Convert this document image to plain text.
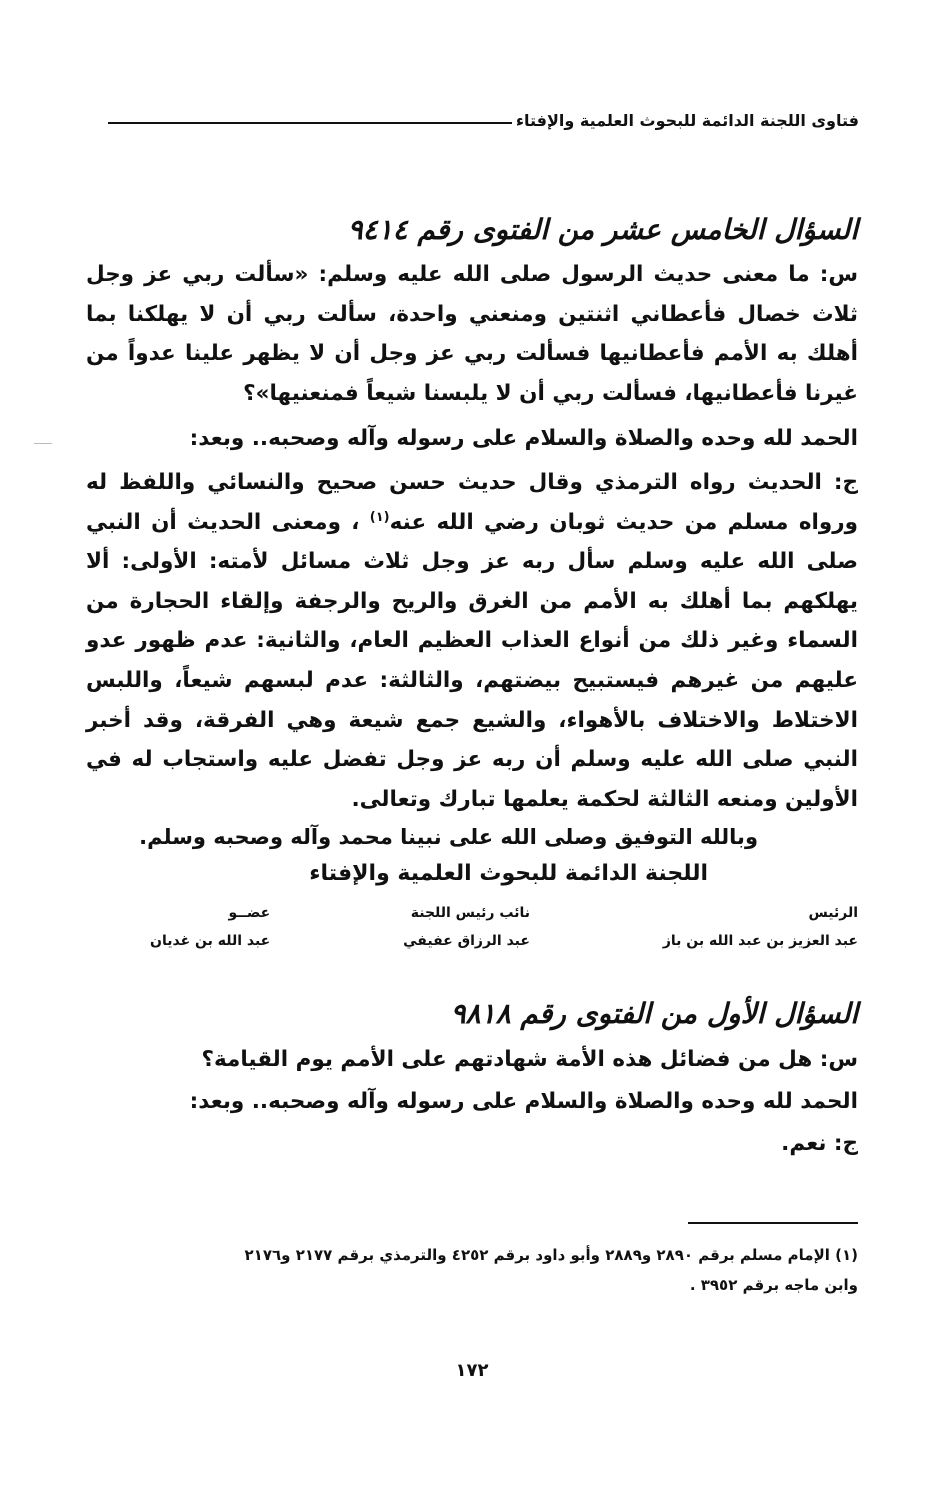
فتاوى اللجنة الدائمة للبحوث العلمية والإفتاء
السؤال الخامس عشر من الفتوى رقم ٩٤١٤

س: ما معنى حديث الرسول صلى الله عليه وسلم: «سألت ربي عز وجل ثلاث خصال فأعطاني اثنتين ومنعني واحدة، سألت ربي أن لا يهلكنا بما أهلك به الأمم فأعطانيها فسألت ربي عز وجل أن لا يظهر علينا عدواً من غيرنا فأعطانيها، فسألت ربي أن لا يلبسنا شيعاً فمنعنيها»؟

الحمد لله وحده والصلاة والسلام على رسوله وآله وصحبه.. وبعد:

ج: الحديث رواه الترمذي وقال حديث حسن صحيح والنسائي واللفظ له ورواه مسلم من حديث ثوبان رضي الله عنه$^{(١)}$ ، ومعنى الحديث أن النبي صلى الله عليه وسلم سأل ربه عز وجل ثلاث مسائل لأمته: الأولى: ألا يهلكهم بما أهلك به الأمم من الغرق والريح والرجفة وإلقاء الحجارة من السماء وغير ذلك من أنواع العذاب العظيم العام، والثانية: عدم ظهور عدو عليهم من غيرهم فيستبيح بيضتهم، والثالثة: عدم لبسهم شيعاً، واللبس الاختلاط والاختلاف بالأهواء، والشيع جمع شيعة وهي الفرقة، وقد أخبر النبي صلى الله عليه وسلم أن ربه عز وجل تفضل عليه واستجاب له في الأولين ومنعه الثالثة لحكمة يعلمها تبارك وتعالى.

وبالله التوفيق وصلى الله على نبينا محمد وآله وصحبه وسلم.

اللجنة الدائمة للبحوث العلمية والإفتاء

الرئيس
عبد العزيز بن عبد الله بن باز
نائب رئيس اللجنة
عبد الرزاق عفيفي
عضــو
عبد الله بن غديان
السؤال الأول من الفتوى رقم ٩٨١٨

س: هل من فضائل هذه الأمة شهادتهم على الأمم يوم القيامة؟

الحمد لله وحده والصلاة والسلام على رسوله وآله وصحبه.. وبعد:

ج: نعم.

(١) الإمام مسلم برقم ٢٨٩٠ و٢٨٨٩ وأبو داود برقم ٤٢٥٢ والترمذي برقم ٢١٧٧ و٢١٧٦
وابن ماجه برقم ٣٩٥٢ .
١٧٢
